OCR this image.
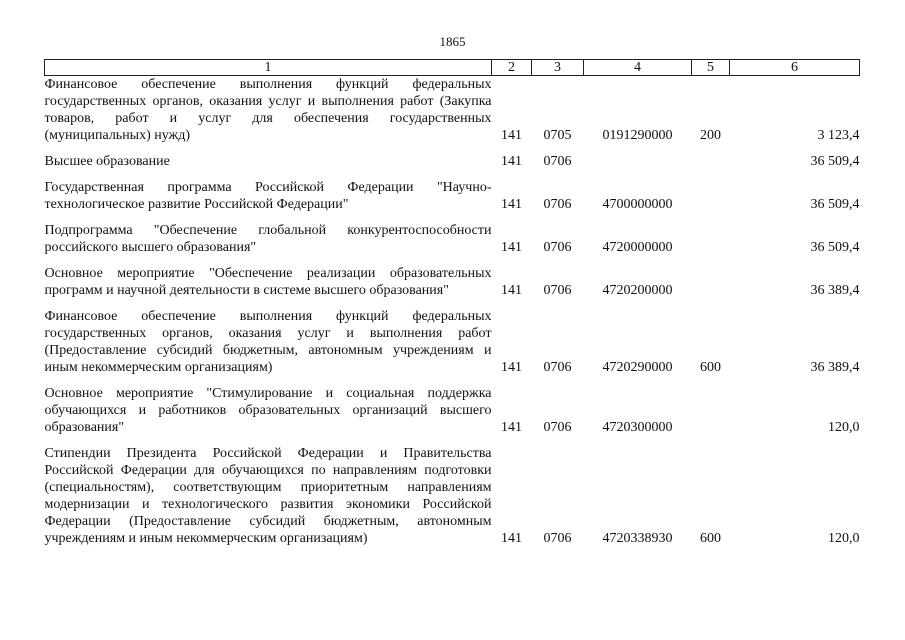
1865
1	2	3	4	5	6

Финансовое обеспечение выполнения функций федеральных государственных органов, оказания услуг и выполнения работ (Закупка товаров, работ и услуг для обеспечения государственных (муниципальных) нужд)	141	0705	0191290000	200	3 123,4

Высшее образование	141	0706			36 509,4

Государственная программа Российской Федерации "Научно-технологическое развитие Российской Федерации"	141	0706	4700000000		36 509,4

Подпрограмма "Обеспечение глобальной конкурентоспособности российского высшего образования"	141	0706	4720000000		36 509,4

Основное мероприятие "Обеспечение реализации образовательных программ и научной деятельности в системе высшего образования"	141	0706	4720200000		36 389,4

Финансовое обеспечение выполнения функций федеральных государственных органов, оказания услуг и выполнения работ (Предоставление субсидий бюджетным, автономным учреждениям и иным некоммерческим организациям)	141	0706	4720290000	600	36 389,4

Основное мероприятие "Стимулирование и социальная поддержка обучающихся и работников образовательных организаций высшего образования"	141	0706	4720300000		120,0

Стипендии Президента Российской Федерации и Правительства Российской Федерации для обучающихся по направлениям подготовки (специальностям), соответствующим приоритетным направлениям модернизации и технологического развития экономики Российской Федерации (Предоставление субсидий бюджетным, автономным учреждениям и иным некоммерческим организациям)	141	0706	4720338930	600	120,0
